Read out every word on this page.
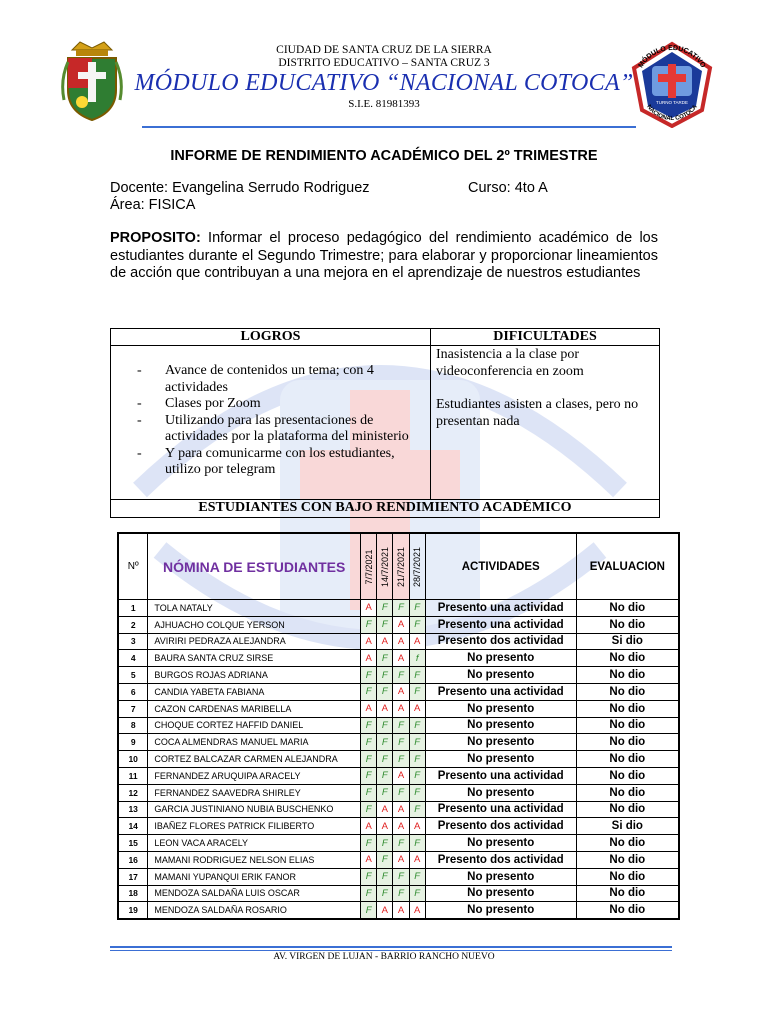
CIUDAD DE SANTA CRUZ DE LA SIERRA
DISTRITO EDUCATIVO – SANTA CRUZ 3
MÓDULO EDUCATIVO “NACIONAL COTOCA”
S.I.E. 81981393
MÓDULO EDUCATIVO
NACIONAL COTOCA
TURNO TARDE
INFORME DE RENDIMIENTO ACADÉMICO DEL 2º TRIMESTRE
Docente: Evangelina Serrudo Rodriguez	Curso: 4to A
Área: FISICA
PROPOSITO: Informar el proceso pedagógico del rendimiento académico de los estudiantes durante el Segundo Trimestre; para elaborar y proporcionar lineamientos de acción que contribuyan a una mejora en el aprendizaje de nuestros estudiantes
LOGROS	DIFICULTADES
- Avance de contenidos un tema; con 4 actividades
- Clases por Zoom
- Utilizando para las presentaciones de actividades por la plataforma del ministerio
- Y para comunicarme con los estudiantes, utilizo por telegram
Inasistencia a la clase por videoconferencia en zoom
Estudiantes asisten a clases, pero no presentan nada
ESTUDIANTES CON BAJO RENDIMIENTO ACADÉMICO
Nº	NÓMINA DE ESTUDIANTES	7/7/2021	14/7/2021	21/7/2021	28/7/2021	ACTIVIDADES	EVALUACION
1	TOLA NATALY	A	F	F	F	Presento una actividad	No dio
2	AJHUACHO COLQUE YERSON	F	F	A	F	Presento una actividad	No dio
3	AVIRIRI PEDRAZA ALEJANDRA	A	A	A	A	Presento dos actividad	Si dio
4	BAURA SANTA CRUZ SIRSE	A	F	A	f	No presento	No dio
5	BURGOS ROJAS ADRIANA	F	F	F	F	No presento	No dio
6	CANDIA YABETA FABIANA	F	F	A	F	Presento una actividad	No dio
7	CAZON CARDENAS MARIBELLA	A	A	A	A	No presento	No dio
8	CHOQUE CORTEZ HAFFID DANIEL	F	F	F	F	No presento	No dio
9	COCA ALMENDRAS MANUEL MARIA	F	F	F	F	No presento	No dio
10	CORTEZ BALCAZAR CARMEN ALEJANDRA	F	F	F	F	No presento	No dio
11	FERNANDEZ ARUQUIPA ARACELY	F	F	A	F	Presento una actividad	No dio
12	FERNANDEZ SAAVEDRA SHIRLEY	F	F	F	F	No presento	No dio
13	GARCIA JUSTINIANO NUBIA BUSCHENKO	F	A	A	F	Presento una actividad	No dio
14	IBAÑEZ FLORES PATRICK FILIBERTO	A	A	A	A	Presento dos actividad	Si dio
15	LEON VACA ARACELY	F	F	F	F	No presento	No dio
16	MAMANI RODRIGUEZ NELSON ELIAS	A	F	A	A	Presento dos actividad	No dio
17	MAMANI YUPANQUI ERIK FANOR	F	F	F	F	No presento	No dio
18	MENDOZA SALDAÑA LUIS OSCAR	F	F	F	F	No presento	No dio
19	MENDOZA SALDAÑA ROSARIO	F	A	A	A	No presento	No dio
AV. VIRGEN DE LUJAN - BARRIO RANCHO NUEVO
